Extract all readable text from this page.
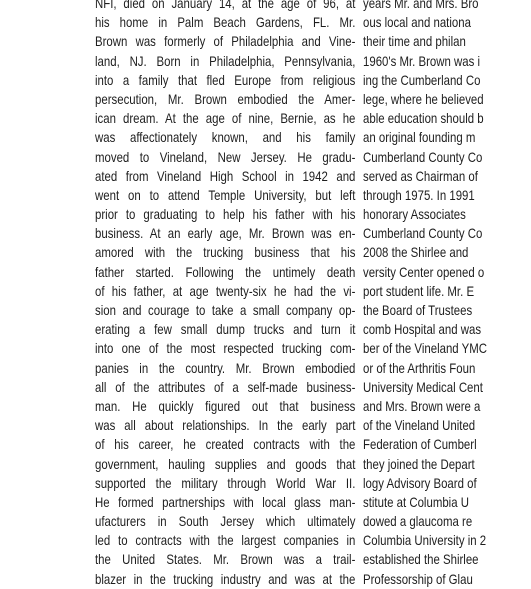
NFI, died on January 14, at the age of 96, at
his home in Palm Beach Gardens, FL. Mr.
Brown was formerly of Philadelphia and Vine-
land, NJ. Born in Philadelphia, Pennsylvania,
into a family that fled Europe from religious
persecution, Mr. Brown embodied the Amer-
ican dream. At the age of nine, Bernie, as he
was affectionately known, and his family
moved to Vineland, New Jersey. He gradu-
ated from Vineland High School in 1942 and
went on to attend Temple University, but left
prior to graduating to help his father with his
business. At an early age, Mr. Brown was en-
amored with the trucking business that his
father started. Following the untimely death
of his father, at age twenty-six he had the vi-
sion and courage to take a small company op-
erating a few small dump trucks and turn it
into one of the most respected trucking com-
panies in the country. Mr. Brown embodied
all of the attributes of a self-made business-
man. He quickly figured out that business
was all about relationships. In the early part
of his career, he created contracts with the
government, hauling supplies and goods that
supported the military through World War II.
He formed partnerships with local glass man-
ufacturers in South Jersey which ultimately
led to contracts with the largest companies in
the United States. Mr. Brown was a trail-
blazer in the trucking industry and was at the
years Mr. and Mrs. Bro
ous local and nationa
their time and philan
1960's Mr. Brown was i
ing the Cumberland Co
lege, where he believed
able education should b
an original founding m
Cumberland County Co
served as Chairman of
through 1975. In 1991
honorary Associates
Cumberland County Co
2008 the Shirlee and
versity Center opened o
port student life. Mr. E
the Board of Trustees
comb Hospital and was
ber of the Vineland YMC
or of the Arthritis Foun
University Medical Cent
and Mrs. Brown were a
of the Vineland United
Federation of Cumberl
they joined the Depart
logy Advisory Board of
stitute at Columbia U
dowed a glaucoma re
Columbia University in 2
established the Shirlee
Professorship of Glau
